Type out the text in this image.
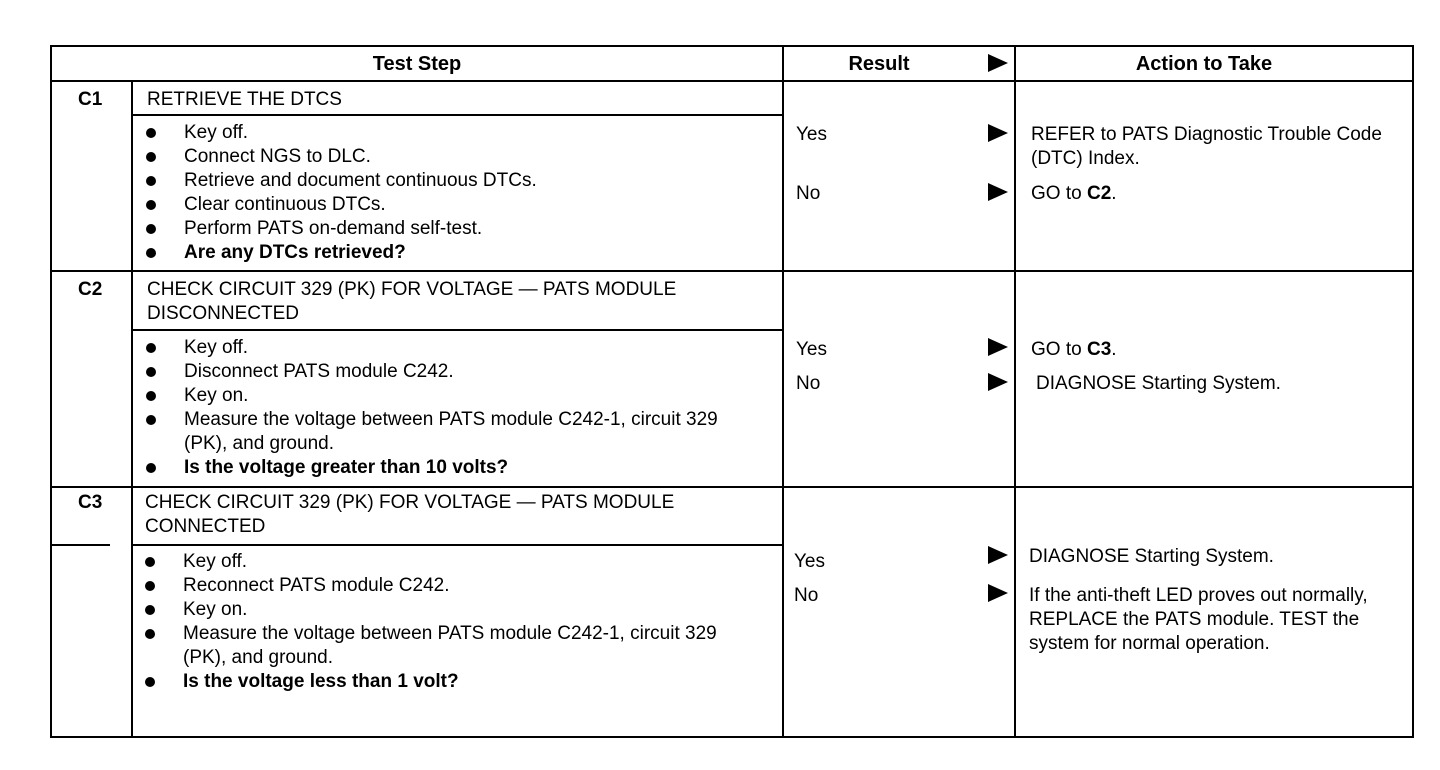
Test Step	Result	Action to Take
C1 RETRIEVE THE DTCS
Key off.
Connect NGS to DLC.
Retrieve and document continuous DTCs.
Clear continuous DTCs.
Perform PATS on-demand self-test.
Are any DTCs retrieved?
Yes	REFER to PATS Diagnostic Trouble Code (DTC) Index.
No	GO to C2.
C2 CHECK CIRCUIT 329 (PK) FOR VOLTAGE — PATS MODULE DISCONNECTED
Key off.
Disconnect PATS module C242.
Key on.
Measure the voltage between PATS module C242-1, circuit 329 (PK), and ground.
Is the voltage greater than 10 volts?
Yes	GO to C3.
No	DIAGNOSE Starting System.
C3 CHECK CIRCUIT 329 (PK) FOR VOLTAGE — PATS MODULE CONNECTED
Key off.
Reconnect PATS module C242.
Key on.
Measure the voltage between PATS module C242-1, circuit 329 (PK), and ground.
Is the voltage less than 1 volt?
Yes	DIAGNOSE Starting System.
No	If the anti-theft LED proves out normally, REPLACE the PATS module. TEST the system for normal operation.
